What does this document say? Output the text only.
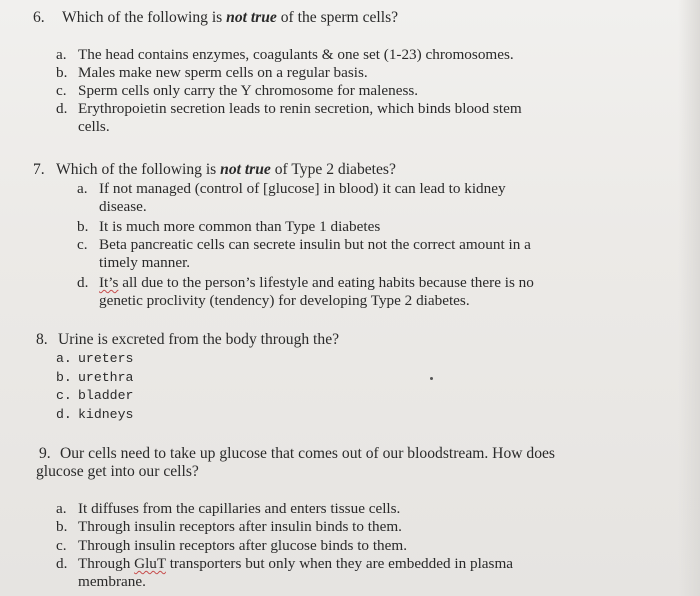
6. Which of the following is not true of the sperm cells?
a. The head contains enzymes, coagulants & one set (1-23) chromosomes.
b. Males make new sperm cells on a regular basis.
c. Sperm cells only carry the Y chromosome for maleness.
d. Erythropoietin secretion leads to renin secretion, which binds blood stem
cells.
7. Which of the following is not true of Type 2 diabetes?
a. If not managed (control of [glucose] in blood) it can lead to kidney
disease.
b. It is much more common than Type 1 diabetes
c. Beta pancreatic cells can secrete insulin but not the correct amount in a
timely manner.
d. It’s all due to the person’s lifestyle and eating habits because there is no
genetic proclivity (tendency) for developing Type 2 diabetes.
8. Urine is excreted from the body through the?
a. ureters
b. urethra
c. bladder
d. kidneys
9. Our cells need to take up glucose that comes out of our bloodstream. How does
glucose get into our cells?
a. It diffuses from the capillaries and enters tissue cells.
b. Through insulin receptors after insulin binds to them.
c. Through insulin receptors after glucose binds to them.
d. Through GluT transporters but only when they are embedded in plasma
membrane.
